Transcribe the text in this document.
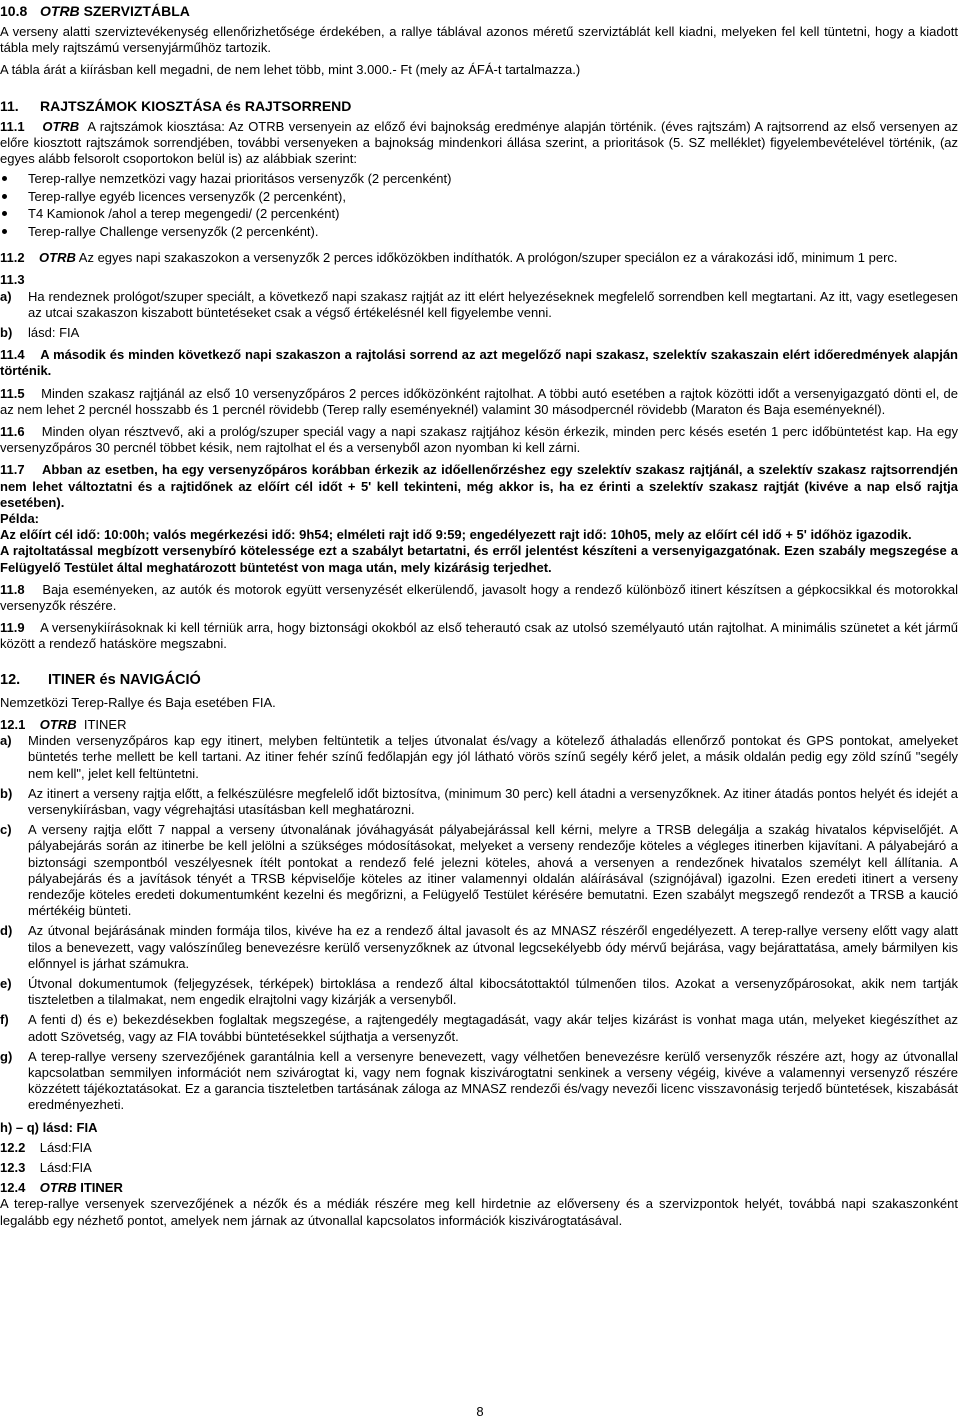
10.8 OTRB SZERVIZTÁBLA

A verseny alatti szerviztevékenység ellenőrizhetősége érdekében, a rallye táblával azonos méretű szerviztáblát kell kiadni, melyeken fel kell tüntetni, hogy a kiadott tábla mely rajtszámú versenyjárműhöz tartozik.

A tábla árát a kiírásban kell megadni, de nem lehet több, mint 3.000.- Ft (mely az ÁFÁ-t tartalmazza.)

11. RAJTSZÁMOK KIOSZTÁSA és RAJTSORREND

11.1 OTRB A rajtszámok kiosztása: Az OTRB versenyein az előző évi bajnokság eredménye alapján történik. (éves rajtszám) A rajtsorrend az első versenyen az előre kiosztott rajtszámok sorrendjében, további versenyeken a bajnokság mindenkori állása szerint, a prioritások (5. SZ melléklet) figyelembevételével történik, (az egyes alább felsorolt csoportokon belül is) az alábbiak szerint:

Terep-rallye nemzetközi vagy hazai prioritásos versenyzők (2 percenként)
Terep-rallye egyéb licences versenyzők (2 percenként),
T4 Kamionok /ahol a terep megengedi/ (2 percenként)
Terep-rallye Challenge versenyzők (2 percenként).

11.2 OTRB Az egyes napi szakaszokon a versenyzők 2 perces időközökben indíthatók. A prológon/szuper speciálon ez a várakozási idő, minimum 1 perc.

11.3

a)	Ha rendeznek prológot/szuper speciált, a következő napi szakasz rajtját az itt elért helyezéseknek megfelelő sorrendben kell megtartani. Az itt, vagy esetlegesen az utcai szakaszon kiszabott büntetéseket csak a végső értékelésnél kell figyelembe venni.
b)	lásd: FIA

11.4 A második és minden következő napi szakaszon a rajtolási sorrend az azt megelőző napi szakasz, szelektív szakaszain elért időeredmények alapján történik.

11.5 Minden szakasz rajtjánál az első 10 versenyzőpáros 2 perces időközönként rajtolhat. A többi autó esetében a rajtok közötti időt a versenyigazgató dönti el, de az nem lehet 2 percnél hosszabb és 1 percnél rövidebb (Terep rally eseményeknél) valamint 30 másodpercnél rövidebb (Maraton és Baja eseményeknél).

11.6 Minden olyan résztvevő, aki a prológ/szuper speciál vagy a napi szakasz rajtjához késön érkezik, minden perc késés esetén 1 perc időbüntetést kap. Ha egy versenyzőpáros 30 percnél többet késik, nem rajtolhat el és a versenyből azon nyomban ki kell zárni.

11.7 Abban az esetben, ha egy versenyzőpáros korábban érkezik az időellenőrzéshez egy szelektív szakasz rajtjánál, a szelektív szakasz rajtsorrendjén nem lehet változtatni és a rajtidőnek az előírt cél időt + 5' kell tekinteni, még akkor is, ha ez érinti a szelektív szakasz rajtját (kivéve a nap első rajtja esetében).

Példa:

Az előírt cél idő: 10:00h; valós megérkezési idő: 9h54; elméleti rajt idő 9:59; engedélyezett rajt idő: 10h05, mely az előírt cél idő + 5' időhöz igazodik.

A rajtoltatással megbízott versenybíró kötelessége ezt a szabályt betartatni, és erről jelentést készíteni a versenyigazgatónak. Ezen szabály megszegése a Felügyelő Testület által meghatározott büntetést von maga után, mely kizárásig terjedhet.

11.8 Baja eseményeken, az autók és motorok együtt versenyzését elkerülendő, javasolt hogy a rendező különböző itinert készítsen a gépkocsikkal és motorokkal versenyzők részére.

11.9 A versenykiírásoknak ki kell térniük arra, hogy biztonsági okokból az első teherautó csak az utolsó személyautó után rajtolhat. A minimális szünetet a két jármű között a rendező hatásköre megszabni.

12. ITINER és NAVIGÁCIÓ

Nemzetközi Terep-Rallye és Baja esetében FIA.

12.1 OTRB ITINER

a)	Minden versenyzőpáros kap egy itinert, melyben feltüntetik a teljes útvonalat és/vagy a kötelező áthaladás ellenőrző pontokat és GPS pontokat, amelyeket büntetés terhe mellett be kell tartani. Az itiner fehér színű fedőlapján egy jól látható vörös színű segély kérő jelet, a másik oldalán pedig egy zöld színű "segély nem kell", jelet kell feltüntetni.
b)	Az itinert a verseny rajtja előtt, a felkészülésre megfelelő időt biztosítva, (minimum 30 perc) kell átadni a versenyzőknek. Az itiner átadás pontos helyét és idejét a versenykiírásban, vagy végrehajtási utasításban kell meghatározni.
c)	A verseny rajtja előtt 7 nappal a verseny útvonalának jóváhagyását pályabejárással kell kérni, melyre a TRSB delegálja a szakág hivatalos képviselőjét. A pályabejárás során az itinerbe be kell jelölni a szükséges módosításokat, melyeket a verseny rendezője köteles a végleges itinerben kijavítani. A pályabejáró a biztonsági szempontból veszélyesnek ítélt pontokat a rendező felé jelezni köteles, ahová a versenyen a rendezőnek hivatalos személyt kell állítania. A pályabejárás és a javítások tényét a TRSB képviselője köteles az itiner valamennyi oldalán aláírásával (szignójával) igazolni. Ezen eredeti itinert a verseny rendezője köteles eredeti dokumentumként kezelni és megőrizni, a Felügyelő Testület kérésére bemutatni. Ezen szabályt megszegő rendezőt a TRSB a kaució mértékéig bünteti.
d)	Az útvonal bejárásának minden formája tilos, kivéve ha ez a rendező által javasolt és az MNASZ részéről engedélyezett. A terep-rallye verseny előtt vagy alatt tilos a benevezett, vagy valószínűleg benevezésre kerülő versenyzőknek az útvonal legcsekélyebb ódy mérvű bejárása, vagy bejárattatása, amely bármilyen kis előnnyel is járhat számukra.
e)	Útvonal dokumentumok (feljegyzések, térképek) birtoklása a rendező által kibocsátottaktól túlmenően tilos. Azokat a versenyzőpárosokat, akik nem tartják tiszteletben a tilalmakat, nem engedik elrajtolni vagy kizárják a versenyből.
f)	A fenti d) és e) bekezdésekben foglaltak megszegése, a rajtengedély megtagadását, vagy akár teljes kizárást is vonhat maga után, melyeket kiegészíthet az adott Szövetség, vagy az FIA további büntetésekkel sújthatja a versenyzőt.
g)	A terep-rallye verseny szervezőjének garantálnia kell a versenyre benevezett, vagy vélhetően benevezésre kerülő versenyzők részére azt, hogy az útvonallal kapcsolatban semmilyen információt nem szivárogtat ki, vagy nem fognak kiszivárogtatni senkinek a verseny végéig, kivéve a valamennyi versenyző részére közzétett tájékoztatásokat. Ez a garancia tiszteletben tartásának záloga az MNASZ rendezői és/vagy nevezői licenc visszavonásig terjedő büntetések, kiszabását eredményezheti.

h) – q) lásd: FIA

12.2 Lásd:FIA

12.3 Lásd:FIA

12.4 OTRB ITINER

A terep-rallye versenyek szervezőjének a nézők és a médiák részére meg kell hirdetnie az előverseny és a szervizpontok helyét, továbbá napi szakaszonként legalább egy nézhető pontot, amelyek nem járnak az útvonallal kapcsolatos információk kiszivárogtatásával.

8
